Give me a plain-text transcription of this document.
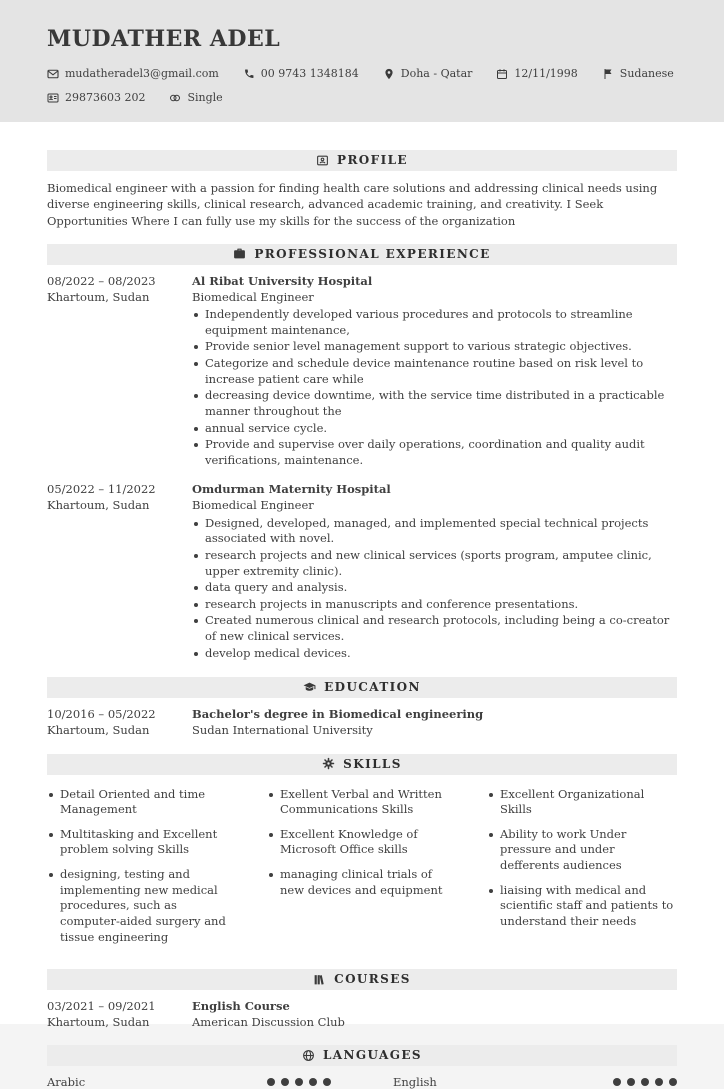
MUDATHER ADEL
mudatheradel3@gmail.com	00 9743 1348184	Doha - Qatar	12/11/1998	Sudanese
29873603 202	Single
PROFILE

Biomedical engineer with a passion for finding health care solutions and addressing clinical needs using diverse engineering skills, clinical research, advanced academic training, and creativity. I Seek Opportunities Where I can fully use my skills for the success of the organization

PROFESSIONAL EXPERIENCE
08/2022 – 08/2023
Khartoum, Sudan
Al Ribat University Hospital
Biomedical Engineer
Independently developed various procedures and protocols to streamline equipment maintenance,
Provide senior level management support to various strategic objectives.
Categorize and schedule device maintenance routine based on risk level to increase patient care while
decreasing device downtime, with the service time distributed in a practicable manner throughout the
annual service cycle.
Provide and supervise over daily operations, coordination and quality audit verifications, maintenance.
05/2022 – 11/2022
Khartoum, Sudan
Omdurman Maternity Hospital
Biomedical Engineer
Designed, developed, managed, and implemented special technical projects associated with novel.
research projects and new clinical services (sports program, amputee clinic, upper extremity clinic).
data query and analysis.
research projects in manuscripts and conference presentations.
Created numerous clinical and research protocols, including being a co-creator of new clinical services.
develop medical devices.
EDUCATION
10/2016 – 05/2022
Khartoum, Sudan
Bachelor's degree in Biomedical engineering
Sudan International University
SKILLS
Detail Oriented and time Management
Multitasking and Excellent problem solving Skills
designing, testing and implementing new medical procedures, such as computer-aided surgery and tissue engineering
Exellent Verbal and Written Communications Skills
Excellent Knowledge of Microsoft Office skills
managing clinical trials of new devices and equipment
Excellent Organizational Skills
Ability to work Under pressure and under defferents audiences
liaising with medical and scientific staff and patients to understand their needs
COURSES
03/2021 – 09/2021
Khartoum, Sudan
English Course
American Discussion Club
LANGUAGES
Arabic	English
